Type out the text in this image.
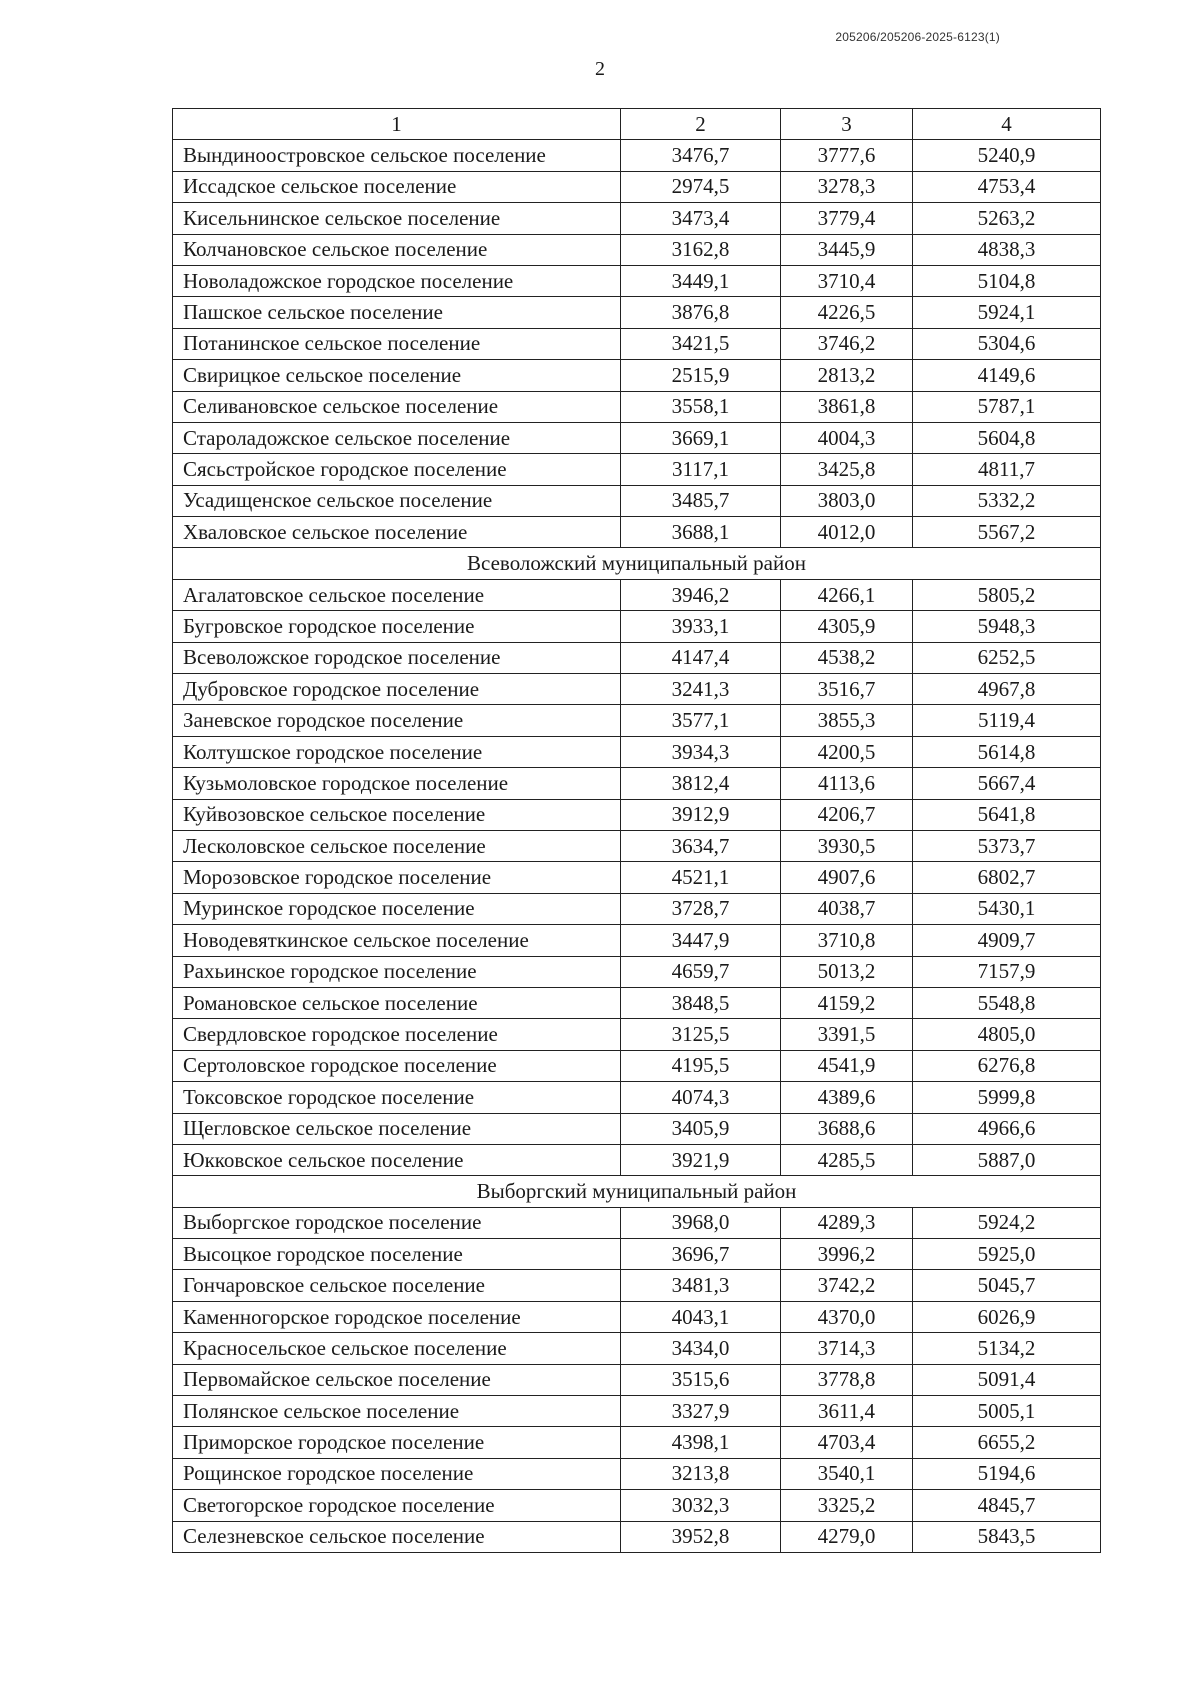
205206/205206-2025-6123(1)
2
1	2	3	4
Вындиноостровское сельское поселение	3476,7	3777,6	5240,9
Иссадское сельское поселение	2974,5	3278,3	4753,4
Кисельнинское сельское поселение	3473,4	3779,4	5263,2
Колчановское сельское поселение	3162,8	3445,9	4838,3
Новоладожское городское поселение	3449,1	3710,4	5104,8
Пашское сельское поселение	3876,8	4226,5	5924,1
Потанинское сельское поселение	3421,5	3746,2	5304,6
Свирицкое сельское поселение	2515,9	2813,2	4149,6
Селивановское сельское поселение	3558,1	3861,8	5787,1
Староладожское сельское поселение	3669,1	4004,3	5604,8
Сясьстройское городское поселение	3117,1	3425,8	4811,7
Усадищенское сельское поселение	3485,7	3803,0	5332,2
Хваловское сельское поселение	3688,1	4012,0	5567,2
Всеволожский муниципальный район			
Агалатовское сельское поселение	3946,2	4266,1	5805,2
Бугровское городское поселение	3933,1	4305,9	5948,3
Всеволожское городское поселение	4147,4	4538,2	6252,5
Дубровское городское поселение	3241,3	3516,7	4967,8
Заневское городское поселение	3577,1	3855,3	5119,4
Колтушское городское поселение	3934,3	4200,5	5614,8
Кузьмоловское городское поселение	3812,4	4113,6	5667,4
Куйвозовское сельское поселение	3912,9	4206,7	5641,8
Лесколовское сельское поселение	3634,7	3930,5	5373,7
Морозовское городское поселение	4521,1	4907,6	6802,7
Муринское городское поселение	3728,7	4038,7	5430,1
Новодевяткинское сельское поселение	3447,9	3710,8	4909,7
Рахьинское городское поселение	4659,7	5013,2	7157,9
Романовское сельское поселение	3848,5	4159,2	5548,8
Свердловское городское поселение	3125,5	3391,5	4805,0
Сертоловское городское поселение	4195,5	4541,9	6276,8
Токсовское городское поселение	4074,3	4389,6	5999,8
Щегловское сельское поселение	3405,9	3688,6	4966,6
Юкковское сельское поселение	3921,9	4285,5	5887,0
Выборгский муниципальный район			
Выборгское городское поселение	3968,0	4289,3	5924,2
Высоцкое городское поселение	3696,7	3996,2	5925,0
Гончаровское сельское поселение	3481,3	3742,2	5045,7
Каменногорское городское поселение	4043,1	4370,0	6026,9
Красносельское сельское поселение	3434,0	3714,3	5134,2
Первомайское сельское поселение	3515,6	3778,8	5091,4
Полянское сельское поселение	3327,9	3611,4	5005,1
Приморское городское поселение	4398,1	4703,4	6655,2
Рощинское городское поселение	3213,8	3540,1	5194,6
Светогорское городское поселение	3032,3	3325,2	4845,7
Селезневское сельское поселение	3952,8	4279,0	5843,5
